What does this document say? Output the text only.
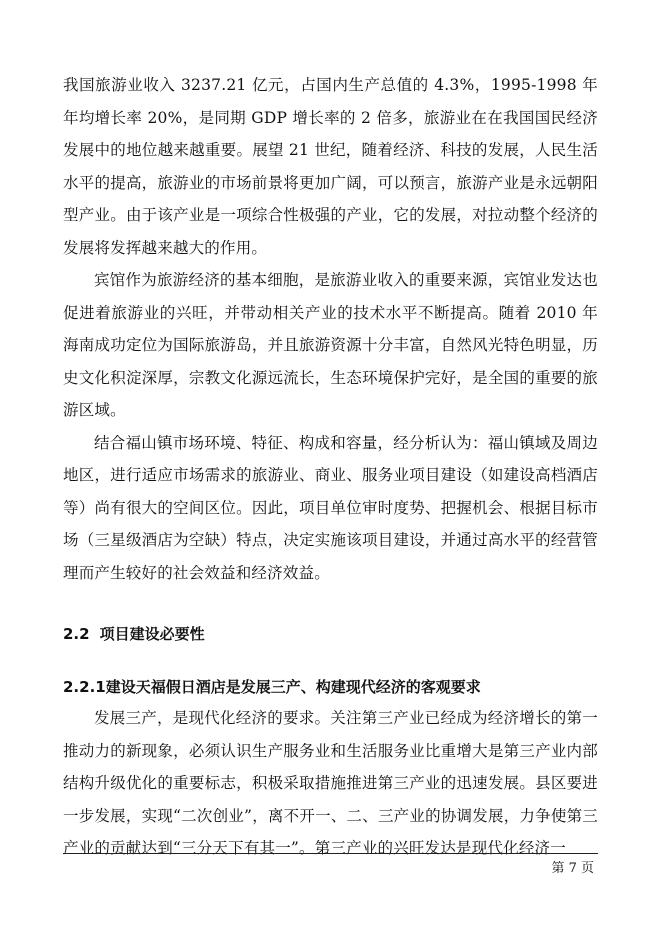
我国旅游业收入 3237.21 亿元，占国内生产总值的 4.3%，1995-1998 年年均增长率 20%，是同期 GDP 增长率的 2 倍多，旅游业在在我国国民经济发展中的地位越来越重要。展望 21 世纪，随着经济、科技的发展，人民生活水平的提高，旅游业的市场前景将更加广阔，可以预言，旅游产业是永远朝阳型产业。由于该产业是一项综合性极强的产业，它的发展，对拉动整个经济的发展将发挥越来越大的作用。

宾馆作为旅游经济的基本细胞，是旅游业收入的重要来源，宾馆业发达也促进着旅游业的兴旺，并带动相关产业的技术水平不断提高。随着 2010 年海南成功定位为国际旅游岛，并且旅游资源十分丰富，自然风光特色明显，历史文化积淀深厚，宗教文化源远流长，生态环境保护完好，是全国的重要的旅游区域。

结合福山镇市场环境、特征、构成和容量，经分析认为：福山镇域及周边地区，进行适应市场需求的旅游业、商业、服务业项目建设（如建设高档酒店等）尚有很大的空间区位。因此，项目单位审时度势、把握机会、根据目标市场（三星级酒店为空缺）特点，决定实施该项目建设，并通过高水平的经营管理而产生较好的社会效益和经济效益。

2.2 项目建设必要性
2.2.1建设天福假日酒店是发展三产、构建现代经济的客观要求

发展三产，是现代化经济的要求。关注第三产业已经成为经济增长的第一推动力的新现象，必须认识生产服务业和生活服务业比重增大是第三产业内部结构升级优化的重要标志，积极采取措施推进第三产业的迅速发展。县区要进一步发展，实现“二次创业”，离不开一、二、三产业的协调发展，力争使第三产业的贡献达到“三分天下有其一”。第三产业的兴旺发达是现代化经济一

第 7 页
